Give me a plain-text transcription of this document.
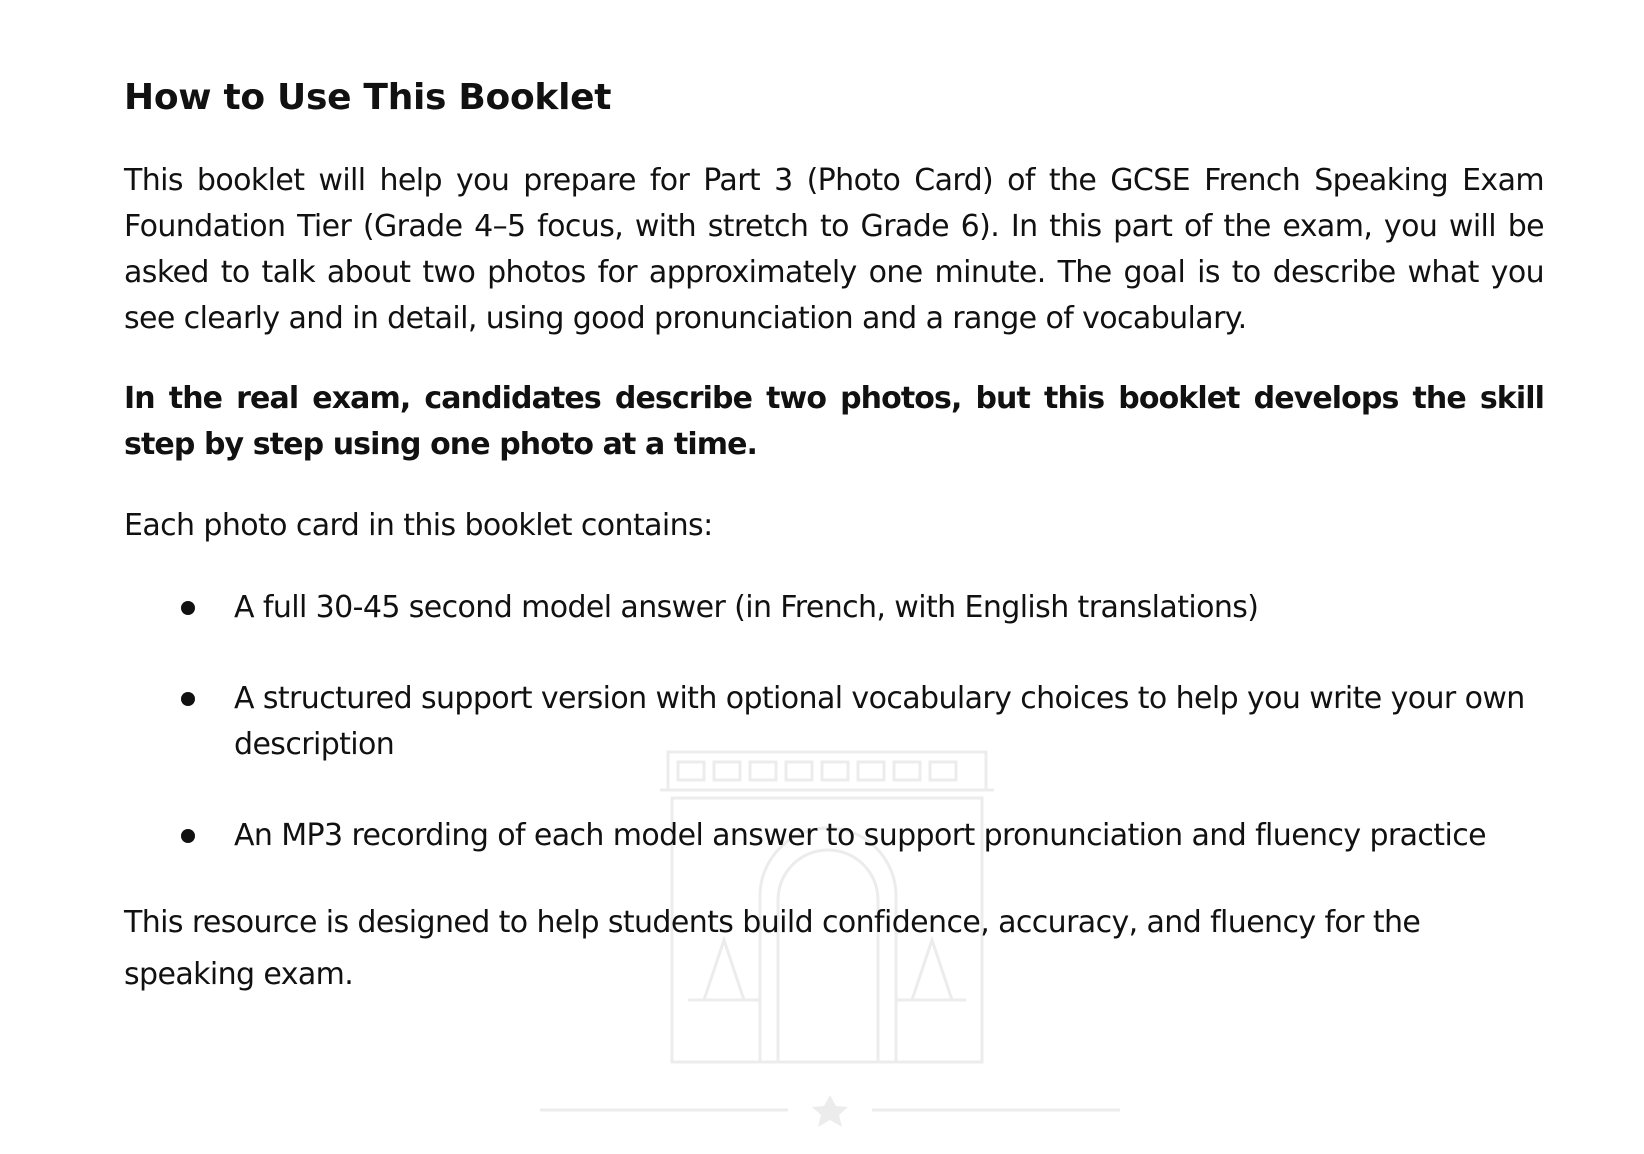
How to Use This Booklet

This booklet will help you prepare for Part 3 (Photo Card) of the GCSE French Speaking Exam Foundation Tier (Grade 4–5 focus, with stretch to Grade 6). In this part of the exam, you will be asked to talk about two photos for approximately one minute. The goal is to describe what you see clearly and in detail, using good pronunciation and a range of vocabulary.

In the real exam, candidates describe two photos, but this booklet develops the skill step by step using one photo at a time.

Each photo card in this booklet contains:

A full 30-45 second model answer (in French, with English translations)
A structured support version with optional vocabulary choices to help you write your own description
An MP3 recording of each model answer to support pronunciation and fluency practice

This resource is designed to help students build confidence, accuracy, and fluency for the speaking exam.
